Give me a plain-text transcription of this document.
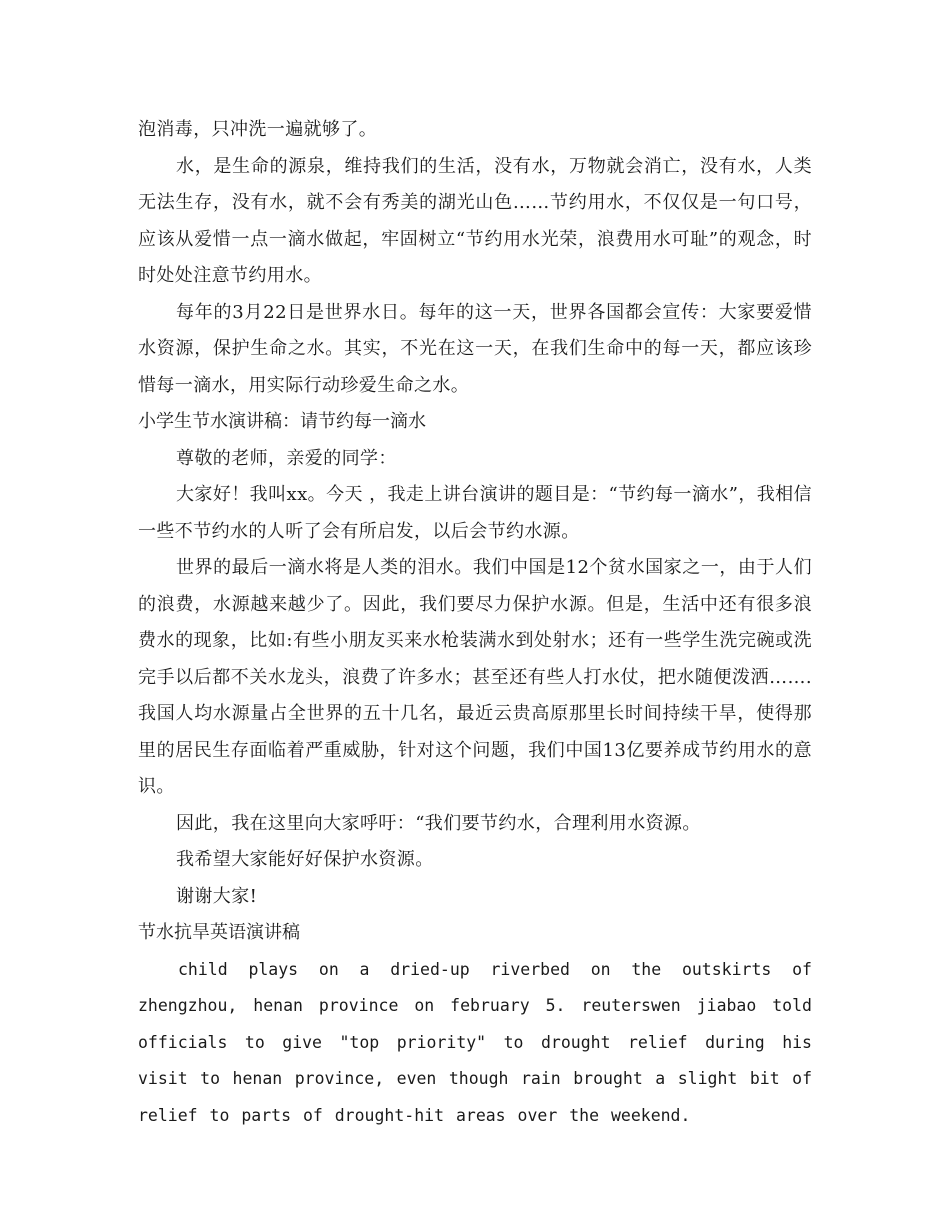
泡消毒，只冲洗一遍就够了。

水，是生命的源泉，维持我们的生活，没有水，万物就会消亡，没有水，人类无法生存，没有水，就不会有秀美的湖光山色……节约用水，不仅仅是一句口号，应该从爱惜一点一滴水做起，牢固树立“节约用水光荣，浪费用水可耻”的观念，时时处处注意节约用水。

每年的3月22日是世界水日。每年的这一天，世界各国都会宣传：大家要爱惜水资源，保护生命之水。其实，不光在这一天，在我们生命中的每一天，都应该珍惜每一滴水，用实际行动珍爱生命之水。

小学生节水演讲稿：请节约每一滴水

尊敬的老师，亲爱的同学：

大家好！我叫xx。今天 ，我走上讲台演讲的题目是：“节约每一滴水”，我相信一些不节约水的人听了会有所启发，以后会节约水源。

世界的最后一滴水将是人类的泪水。我们中国是12个贫水国家之一，由于人们的浪费，水源越来越少了。因此，我们要尽力保护水源。但是，生活中还有很多浪费水的现象，比如:有些小朋友买来水枪装满水到处射水；还有一些学生洗完碗或洗完手以后都不关水龙头，浪费了许多水；甚至还有些人打水仗，把水随便泼洒…….我国人均水源量占全世界的五十几名，最近云贵高原那里长时间持续干旱，使得那里的居民生存面临着严重威胁，针对这个问题，我们中国13亿要养成节约用水的意识。

因此，我在这里向大家呼吁：“我们要节约水，合理利用水资源。

我希望大家能好好保护水资源。

谢谢大家!

节水抗旱英语演讲稿

child plays on a dried-up riverbed on the outskirts of zhengzhou, henan province on february 5. reuterswen jiabao told officials to give "top priority" to drought relief during his visit to henan province, even though rain brought a slight bit of relief to parts of drought-hit areas over the weekend.
